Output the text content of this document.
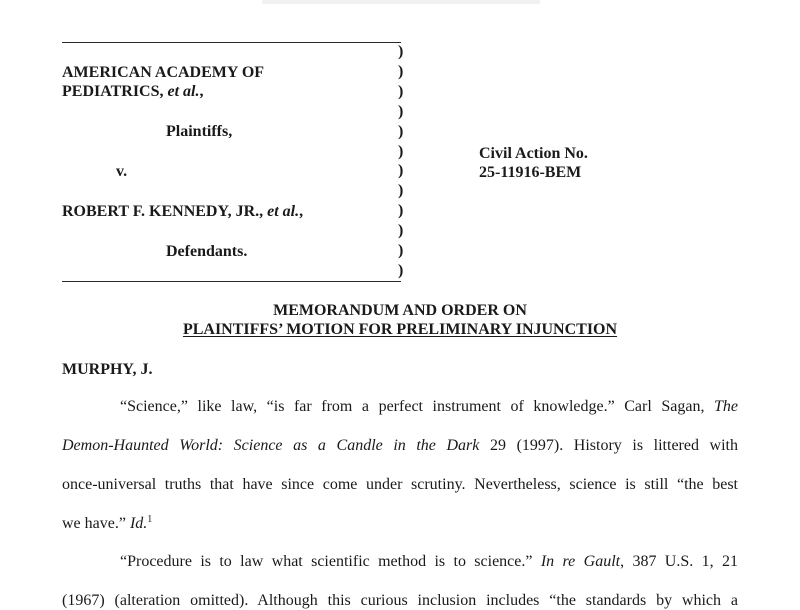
)
)
)
)
)
)
)
)
)
)
)
)
AMERICAN ACADEMY OF
PEDIATRICS, et al.,
Plaintiffs,
v.
ROBERT F. KENNEDY, JR., et al.,
Defendants.
Civil Action No.
25-11916-BEM
MEMORANDUM AND ORDER ON
PLAINTIFFS’ MOTION FOR PRELIMINARY INJUNCTION
MURPHY, J.
“Science,” like law, “is far from a perfect instrument of knowledge.” Carl Sagan, The
Demon-Haunted World: Science as a Candle in the Dark 29 (1997). History is littered with
once-universal truths that have since come under scrutiny. Nevertheless, science is still “the best
we have.” Id.$^1$
“Procedure is to law what scientific method is to science.” In re Gault, 387 U.S. 1, 21
(1967) (alteration omitted). Although this curious inclusion includes “the standards by which a
